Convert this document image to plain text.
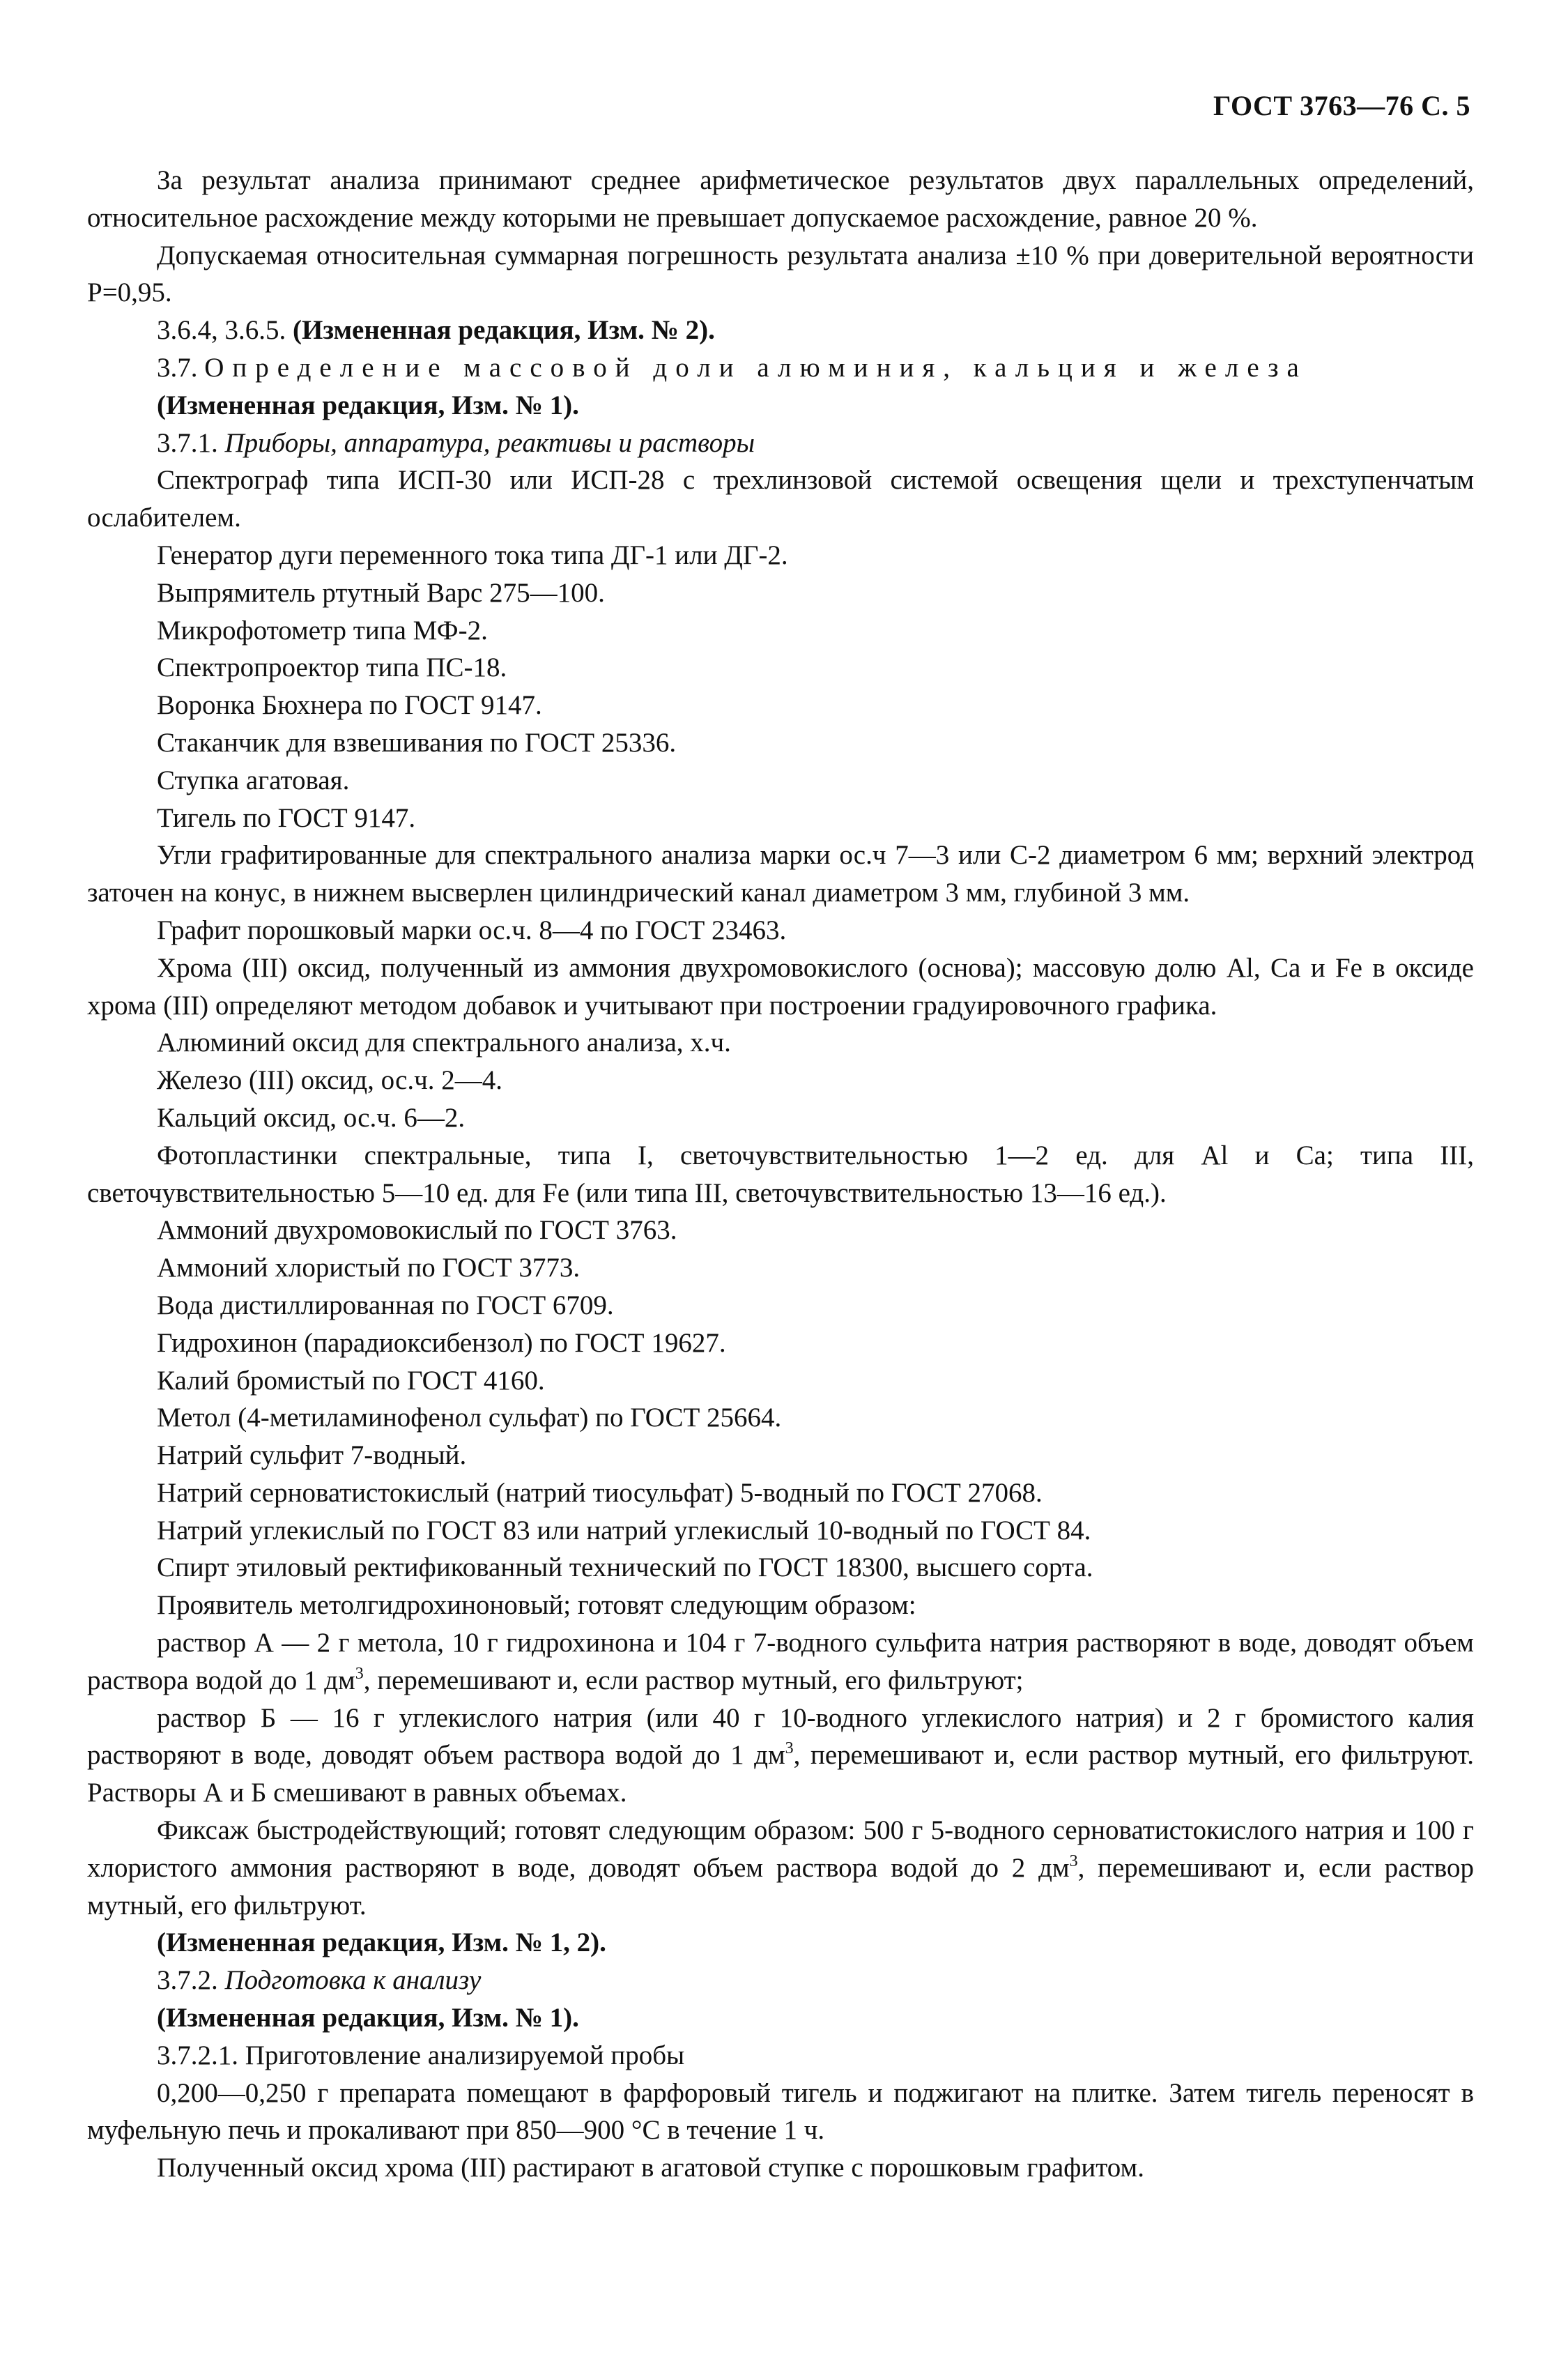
ГОСТ 3763—76 С. 5

За результат анализа принимают среднее арифметическое результатов двух параллельных определений, относительное расхождение между которыми не превышает допускаемое расхождение, равное 20 %.

Допускаемая относительная суммарная погрешность результата анализа ±10 % при доверительной вероятности Р=0,95.

3.6.4, 3.6.5. (Измененная редакция, Изм. № 2).

3.7. Определение массовой доли алюминия, кальция и железа

(Измененная редакция, Изм. № 1).

3.7.1. Приборы, аппаратура, реактивы и растворы

Спектрограф типа ИСП-30 или ИСП-28 с трехлинзовой системой освещения щели и трехступенчатым ослабителем.

Генератор дуги переменного тока типа ДГ-1 или ДГ-2.

Выпрямитель ртутный Варс 275—100.

Микрофотометр типа МФ-2.

Спектропроектор типа ПС-18.

Воронка Бюхнера по ГОСТ 9147.

Стаканчик для взвешивания по ГОСТ 25336.

Ступка агатовая.

Тигель по ГОСТ 9147.

Угли графитированные для спектрального анализа марки ос.ч 7—3 или С-2 диаметром 6 мм; верхний электрод заточен на конус, в нижнем высверлен цилиндрический канал диаметром 3 мм, глубиной 3 мм.

Графит порошковый марки ос.ч. 8—4 по ГОСТ 23463.

Хрома (III) оксид, полученный из аммония двухромовокислого (основа); массовую долю Al, Ca и Fe в оксиде хрома (III) определяют методом добавок и учитывают при построении градуировочного графика.

Алюминий оксид для спектрального анализа, х.ч.

Железо (III) оксид, ос.ч. 2—4.

Кальций оксид, ос.ч. 6—2.

Фотопластинки спектральные, типа I, светочувствительностью 1—2 ед. для Al и Ca; типа III, светочувствительностью 5—10 ед. для Fe (или типа III, светочувствительностью 13—16 ед.).

Аммоний двухромовокислый по ГОСТ 3763.

Аммоний хлористый по ГОСТ 3773.

Вода дистиллированная по ГОСТ 6709.

Гидрохинон (парадиоксибензол) по ГОСТ 19627.

Калий бромистый по ГОСТ 4160.

Метол (4-метиламинофенол сульфат) по ГОСТ 25664.

Натрий сульфит 7-водный.

Натрий серноватистокислый (натрий тиосульфат) 5-водный по ГОСТ 27068.

Натрий углекислый по ГОСТ 83 или натрий углекислый 10-водный по ГОСТ 84.

Спирт этиловый ректификованный технический по ГОСТ 18300, высшего сорта.

Проявитель метолгидрохиноновый; готовят следующим образом:

раствор А — 2 г метола, 10 г гидрохинона и 104 г 7-водного сульфита натрия растворяют в воде, доводят объем раствора водой до 1 $дм^3$, перемешивают и, если раствор мутный, его фильтруют;

раствор Б — 16 г углекислого натрия (или 40 г 10-водного углекислого натрия) и 2 г бромистого калия растворяют в воде, доводят объем раствора водой до 1 $дм^3$, перемешивают и, если раствор мутный, его фильтруют. Растворы А и Б смешивают в равных объемах.

Фиксаж быстродействующий; готовят следующим образом: 500 г 5-водного серноватистокислого натрия и 100 г хлористого аммония растворяют в воде, доводят объем раствора водой до 2 $дм^3$, перемешивают и, если раствор мутный, его фильтруют.

(Измененная редакция, Изм. № 1, 2).

3.7.2. Подготовка к анализу

(Измененная редакция, Изм. № 1).

3.7.2.1. Приготовление анализируемой пробы

0,200—0,250 г препарата помещают в фарфоровый тигель и поджигают на плитке. Затем тигель переносят в муфельную печь и прокаливают при 850—900 °С в течение 1 ч.

Полученный оксид хрома (III) растирают в агатовой ступке с порошковым графитом.
